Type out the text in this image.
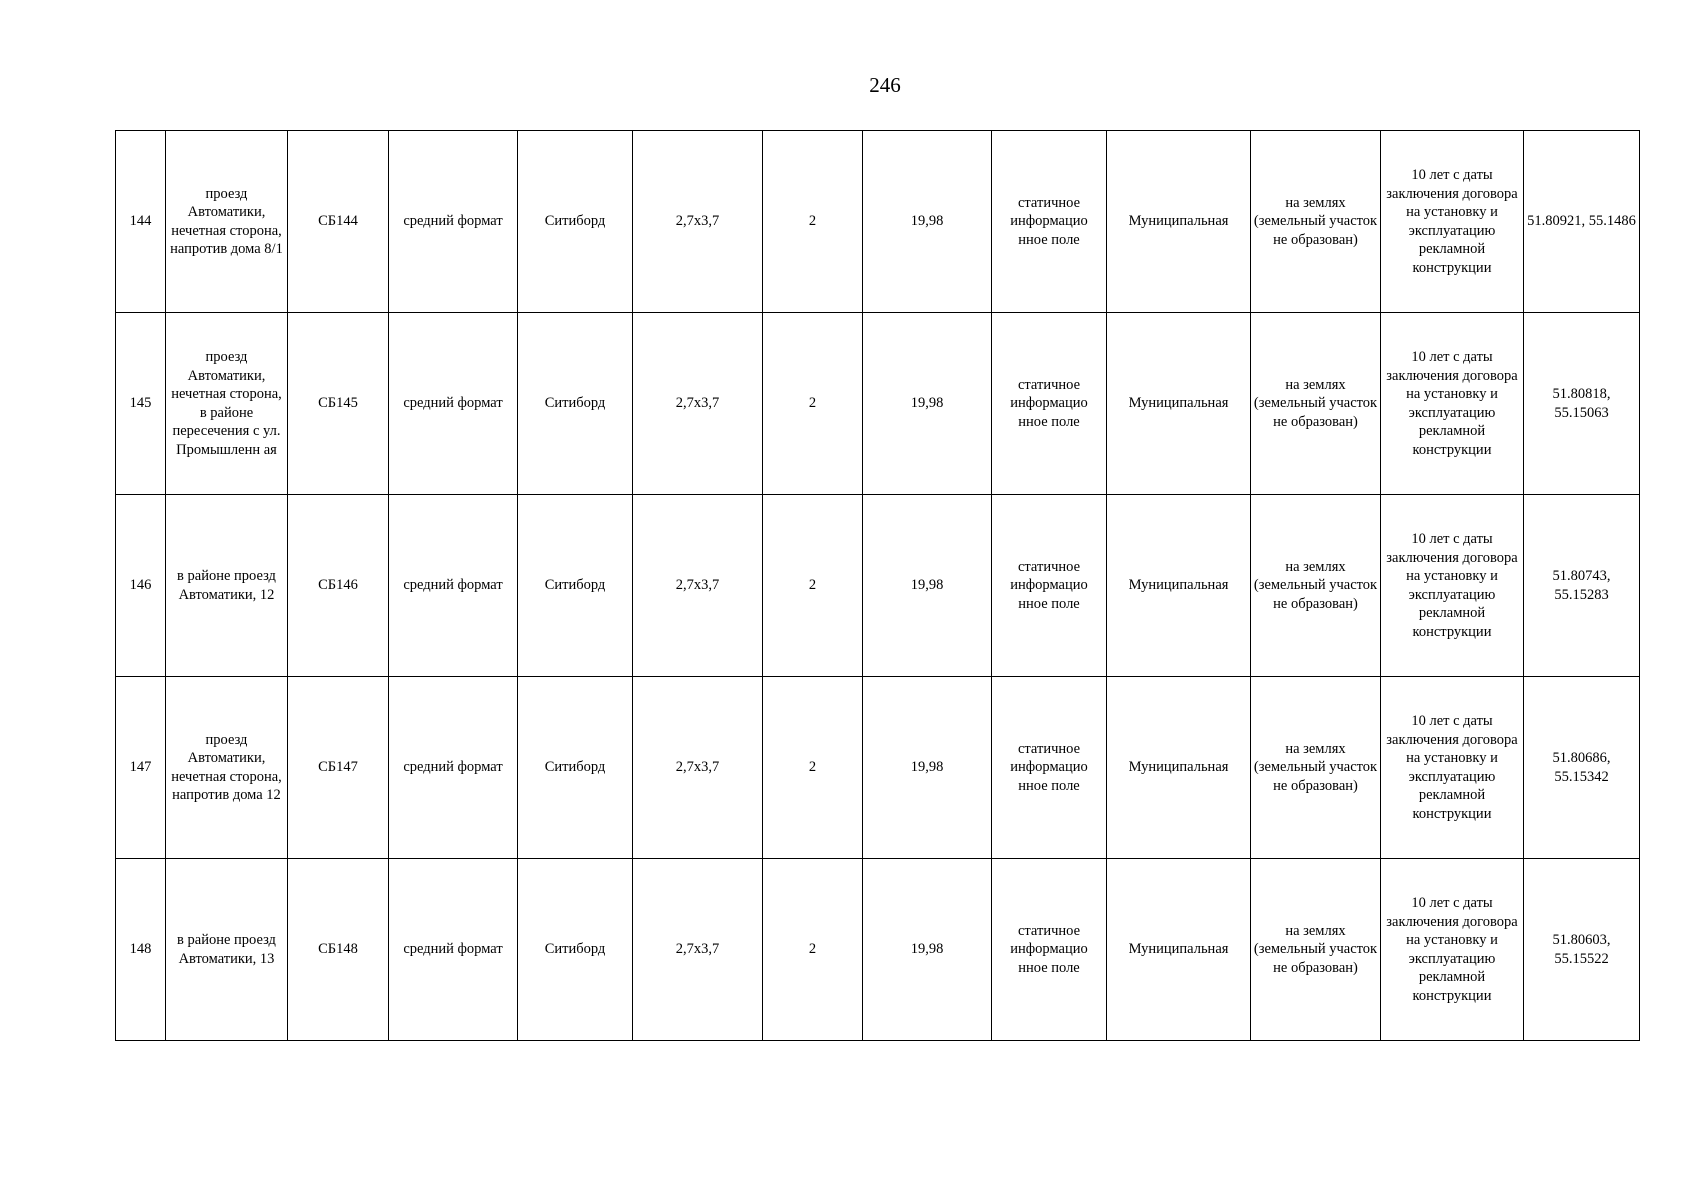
246
144	проезд Автоматики, нечетная сторона, напротив дома 8/1	СБ144	средний формат	Ситиборд	2,7х3,7	2	19,98	статичное информацио нное поле	Муниципальная	на землях (земельный участок не образован)	10 лет с даты заключения договора на установку и эксплуатацию рекламной конструкции	51.80921, 55.1486
145	проезд Автоматики, нечетная сторона, в районе пересечения с ул. Промышленн ая	СБ145	средний формат	Ситиборд	2,7х3,7	2	19,98	статичное информацио нное поле	Муниципальная	на землях (земельный участок не образован)	10 лет с даты заключения договора на установку и эксплуатацию рекламной конструкции	51.80818, 55.15063
146	в районе проезд Автоматики, 12	СБ146	средний формат	Ситиборд	2,7х3,7	2	19,98	статичное информацио нное поле	Муниципальная	на землях (земельный участок не образован)	10 лет с даты заключения договора на установку и эксплуатацию рекламной конструкции	51.80743, 55.15283
147	проезд Автоматики, нечетная сторона, напротив дома 12	СБ147	средний формат	Ситиборд	2,7х3,7	2	19,98	статичное информацио нное поле	Муниципальная	на землях (земельный участок не образован)	10 лет с даты заключения договора на установку и эксплуатацию рекламной конструкции	51.80686, 55.15342
148	в районе проезд Автоматики, 13	СБ148	средний формат	Ситиборд	2,7х3,7	2	19,98	статичное информацио нное поле	Муниципальная	на землях (земельный участок не образован)	10 лет с даты заключения договора на установку и эксплуатацию рекламной конструкции	51.80603, 55.15522
